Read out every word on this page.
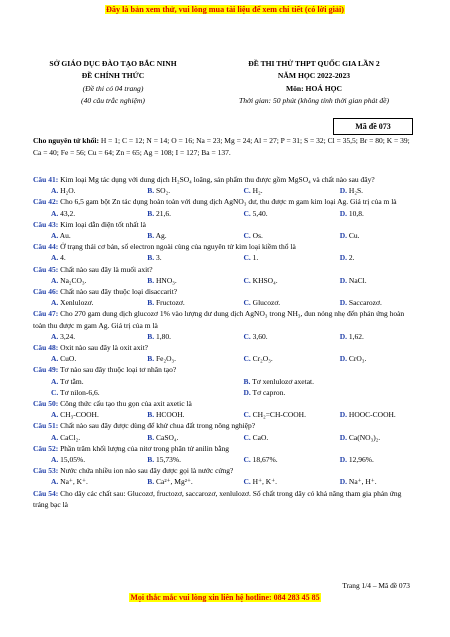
Đây là bản xem thử, vui lòng mua tài liệu để xem chi tiết (có lời giải)
SỞ GIÁO DỤC ĐÀO TẠO BẮC NINH
ĐỀ CHÍNH THỨC
(Đề thi có 04 trang)
(40 câu trắc nghiệm)
ĐỀ THI THỬ THPT QUỐC GIA LẦN 2
NĂM HỌC 2022-2023
Môn: HOÁ HỌC
Thời gian: 50 phút (không tính thời gian phát đề)
Mã đề 073
Cho nguyên tử khối: H = 1; C = 12; N = 14; O = 16; Na = 23; Mg = 24; Al = 27; P = 31; S = 32; Cl = 35,5; Br = 80; K = 39; Ca = 40; Fe = 56; Cu = 64; Zn = 65; Ag = 108; I = 127; Ba = 137.

Câu 41: Kim loại Mg tác dụng với dung dịch H₂SO₄ loãng, sản phẩm thu được gồm MgSO₄ và chất nào sau đây?

A. H₂O.	B. SO₂.	C. H₂.	D. H₂S.

Câu 42: Cho 6,5 gam bột Zn tác dụng hoàn toàn với dung dịch AgNO₃ dư, thu được m gam kim loại Ag. Giá trị của m là

A. 43,2.	B. 21,6.	C. 5,40.	D. 10,8.

Câu 43: Kim loại dẫn điện tốt nhất là

A. Au.	B. Ag.	C. Os.	D. Cu.

Câu 44: Ở trạng thái cơ bản, số electron ngoài cùng của nguyên tử kim loại kiềm thổ là

A. 4.	B. 3.	C. 1.	D. 2.

Câu 45: Chất nào sau đây là muối axit?

A. Na₂CO₃.	B. HNO₃.	C. KHSO₄.	D. NaCl.

Câu 46: Chất nào sau đây thuộc loại disaccarit?

A. Xenlulozơ.	B. Fructozơ.	C. Glucozơ.	D. Saccarozơ.

Câu 47: Cho 270 gam dung dịch glucozơ 1% vào lượng dư dung dịch AgNO₃ trong NH₃, đun nóng nhẹ đến phản ứng hoàn toàn thu được m gam Ag. Giá trị của m là

A. 3,24.	B. 1,80.	C. 3,60.	D. 1,62.

Câu 48: Oxit nào sau đây là oxit axit?

A. CuO.	B. Fe₂O₃.	C. Cr₂O₃.	D. CrO₃.

Câu 49: Tơ nào sau đây thuộc loại tơ nhân tạo?

A. Tơ tằm.	B. Tơ xenlulozơ axetat.
C. Tơ nilon-6,6.	D. Tơ capron.

Câu 50: Công thức cấu tạo thu gọn của axit axetic là

A. CH₃-COOH.	B. HCOOH.	C. CH₂=CH-COOH.	D. HOOC-COOH.

Câu 51: Chất nào sau đây được dùng để khử chua đất trong nông nghiệp?

A. CaCl₂.	B. CaSO₄.	C. CaO.	D. Ca(NO₃)₂.

Câu 52: Phần trăm khối lượng của nitơ trong phân tử anilin bằng

A. 15,05%.	B. 15,73%.	C. 18,67%.	D. 12,96%.

Câu 53: Nước chứa nhiều ion nào sau đây được gọi là nước cứng?

A. Na⁺, K⁺.	B. Ca²⁺, Mg²⁺.	C. H⁺, K⁺.	D. Na⁺, H⁺.

Câu 54: Cho dãy các chất sau: Glucozơ, fructozơ, saccarozơ, xenlulozơ. Số chất trong dãy có khả năng tham gia phản ứng tráng bạc là

Trang 1/4 – Mã đề 073
Mọi thắc mắc vui lòng xin liên hệ hotline: 084 283 45 85
